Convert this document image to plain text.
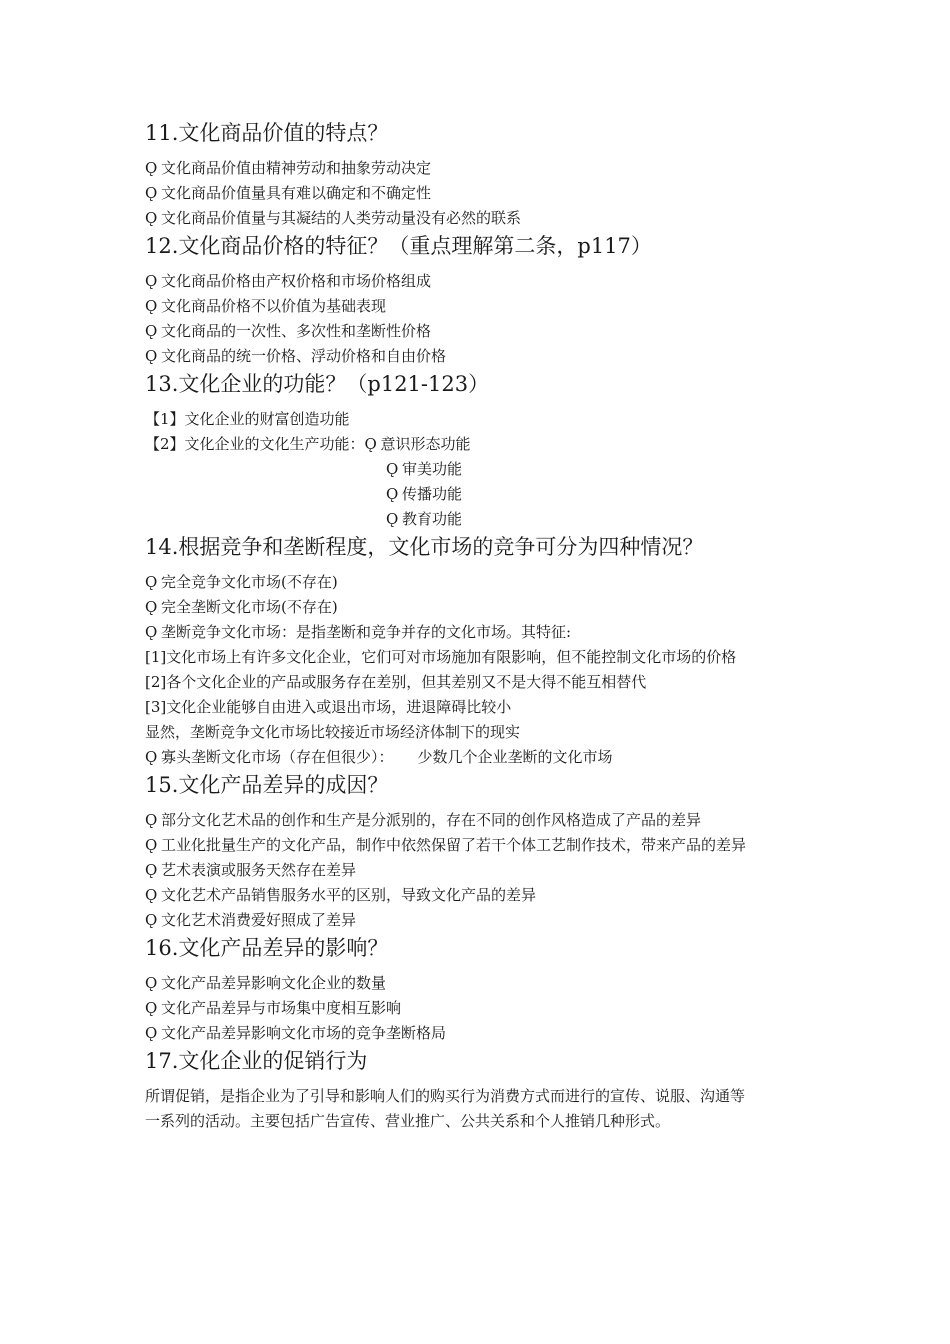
11.文化商品价值的特点？
Ǫ 文化商品价值由精神劳动和抽象劳动决定
Ǫ 文化商品价值量具有难以确定和不确定性
Ǫ 文化商品价值量与其凝结的人类劳动量没有必然的联系
12.文化商品价格的特征？（重点理解第二条，p117）
Ǫ 文化商品价格由产权价格和市场价格组成
Ǫ 文化商品价格不以价值为基础表现
Ǫ 文化商品的一次性、多次性和垄断性价格
Ǫ 文化商品的统一价格、浮动价格和自由价格
13.文化企业的功能？（p121-123）
【1】文化企业的财富创造功能
【2】文化企业的文化生产功能：Ǫ 意识形态功能
Ǫ 审美功能
Ǫ 传播功能
Ǫ 教育功能
14.根据竞争和垄断程度，文化市场的竞争可分为四种情况？
Ǫ 完全竞争文化市场(不存在)
Ǫ 完全垄断文化市场(不存在)
Ǫ 垄断竞争文化市场：是指垄断和竞争并存的文化市场。其特征:
[1]文化市场上有许多文化企业，它们可对市场施加有限影响，但不能控制文化市场的价格
[2]各个文化企业的产品或服务存在差别，但其差别又不是大得不能互相替代
[3]文化企业能够自由进入或退出市场，进退障碍比较小
显然，垄断竞争文化市场比较接近市场经济体制下的现实
Ǫ 寡头垄断文化市场（存在但很少）： 少数几个企业垄断的文化市场
15.文化产品差异的成因？
Ǫ 部分文化艺术品的创作和生产是分派别的，存在不同的创作风格造成了产品的差异
Ǫ 工业化批量生产的文化产品，制作中依然保留了若干个体工艺制作技术，带来产品的差异
Ǫ 艺术表演或服务天然存在差异
Ǫ 文化艺术产品销售服务水平的区别，导致文化产品的差异
Ǫ 文化艺术消费爱好照成了差异
16.文化产品差异的影响？
Ǫ 文化产品差异影响文化企业的数量
Ǫ 文化产品差异与市场集中度相互影响
Ǫ 文化产品差异影响文化市场的竞争垄断格局
17.文化企业的促销行为
所谓促销，是指企业为了引导和影响人们的购买行为消费方式而进行的宣传、说服、沟通等
一系列的活动。主要包括广告宣传、营业推广、公共关系和个人推销几种形式。
